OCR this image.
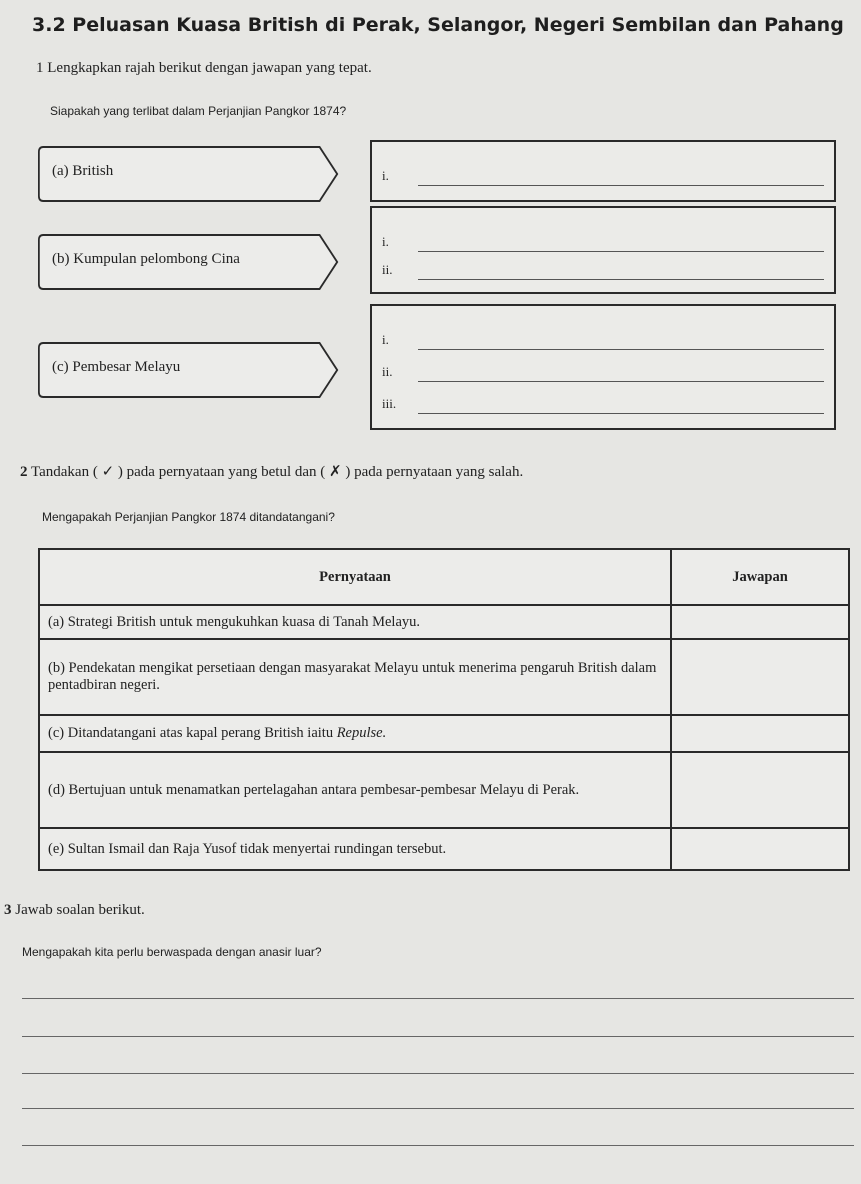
3.2 Peluasan Kuasa British di Perak, Selangor, Negeri Sembilan dan Pahang
1 Lengkapkan rajah berikut dengan jawapan yang tepat.
Siapakah yang terlibat dalam Perjanjian Pangkor 1874?
(a) British
(b) Kumpulan pelombong Cina
(c) Pembesar Melayu
i.
i.
ii.
i.
ii.
iii.
2 Tandakan ( ✓ ) pada pernyataan yang betul dan ( ✗ ) pada pernyataan yang salah.
Mengapakah Perjanjian Pangkor 1874 ditandatangani?
Pernyataan	Jawapan
(a) Strategi British untuk mengukuhkan kuasa di Tanah Melayu.	
(b) Pendekatan mengikat persetiaan dengan masyarakat Melayu untuk menerima pengaruh British dalam pentadbiran negeri.	
(c) Ditandatangani atas kapal perang British iaitu Repulse.	
(d) Bertujuan untuk menamatkan pertelagahan antara pembesar-pembesar Melayu di Perak.	
(e) Sultan Ismail dan Raja Yusof tidak menyertai rundingan tersebut.	
3 Jawab soalan berikut.
Mengapakah kita perlu berwaspada dengan anasir luar?
